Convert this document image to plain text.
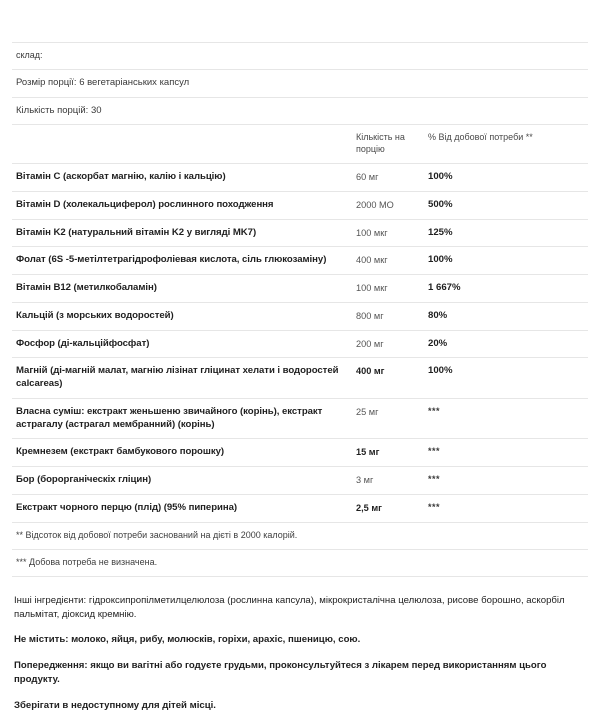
склад:		
Розмір порції: 6 вегетаріанських капсул		
Кількість порцій: 30		
	Кількість на порцію	% Від добової потреби **
Вітамін C (аскорбат магнію, калію і кальцію)	60 мг	100%
Вітамін D (холекальциферол) рослинного походження	2000 МО	500%
Вітамін K2 (натуральний вітамін K2 у вигляді MK7)	100 мкг	125%
Фолат (6S -5-метілтетрагідрофоліевая кислота, сіль глюкозаміну)	400 мкг	100%
Вітамін B12 (метилкобаламін)	100 мкг	1 667%
Кальцій (з морських водоростей)	800 мг	80%
Фосфор (ді-кальційфосфат)	200 мг	20%
Магній (ді-магній малат, магнію лізінат гліцинат хелати і водоростей calcareas)	400 мг	100%
Власна суміш: екстракт женьшеню звичайного (корінь), екстракт астрагалу (астрагал мембранний) (корінь)	25 мг	***
Кремнезем (екстракт бамбукового порошку)	15 мг	***
Бор (борорганіческіх гліцин)	3 мг	***
Екстракт чорного перцю (плід) (95% пиперина)	2,5 мг	***
** Відсоток від добової потреби заснований на дієті в 2000 калорій.		
*** Добова потреба не визначена.		

Інші інгредієнти: гідроксипропілметилцелюлоза (рослинна капсула), мікрокристалічна целюлоза, рисове борошно, аскорбіл пальмітат, діоксид кремнію.

Не містить: молоко, яйця, рибу, молюсків, горіхи, арахіс, пшеницю, сою.

Попередження: якщо ви вагітні або годуєте грудьми, проконсультуйтеся з лікарем перед використанням цього продукту.

Зберігати в недоступному для дітей місці.
